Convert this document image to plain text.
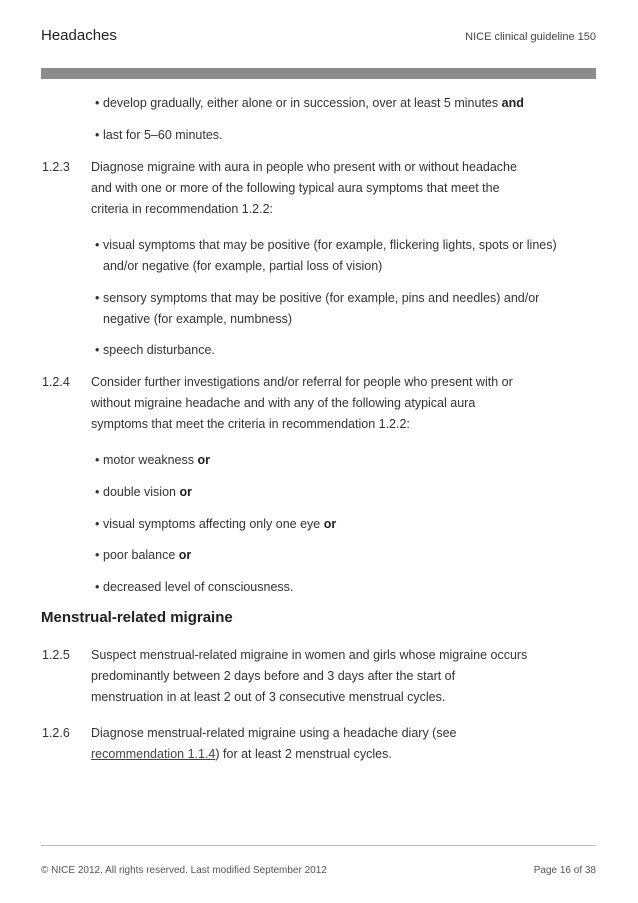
Headaches	NICE clinical guideline 150
• develop gradually, either alone or in succession, over at least 5 minutes and
• last for 5–60 minutes.
1.2.3	Diagnose migraine with aura in people who present with or without headache
and with one or more of the following typical aura symptoms that meet the
criteria in recommendation 1.2.2:
• visual symptoms that may be positive (for example, flickering lights, spots or lines)
and/or negative (for example, partial loss of vision)
• sensory symptoms that may be positive (for example, pins and needles) and/or
negative (for example, numbness)
• speech disturbance.
1.2.4	Consider further investigations and/or referral for people who present with or
without migraine headache and with any of the following atypical aura
symptoms that meet the criteria in recommendation 1.2.2:
• motor weakness or
• double vision or
• visual symptoms affecting only one eye or
• poor balance or
• decreased level of consciousness.
Menstrual-related migraine
1.2.5	Suspect menstrual-related migraine in women and girls whose migraine occurs
predominantly between 2 days before and 3 days after the start of
menstruation in at least 2 out of 3 consecutive menstrual cycles.
1.2.6	Diagnose menstrual-related migraine using a headache diary (see
recommendation 1.1.4) for at least 2 menstrual cycles.
© NICE 2012. All rights reserved. Last modified September 2012	Page 16 of 38
